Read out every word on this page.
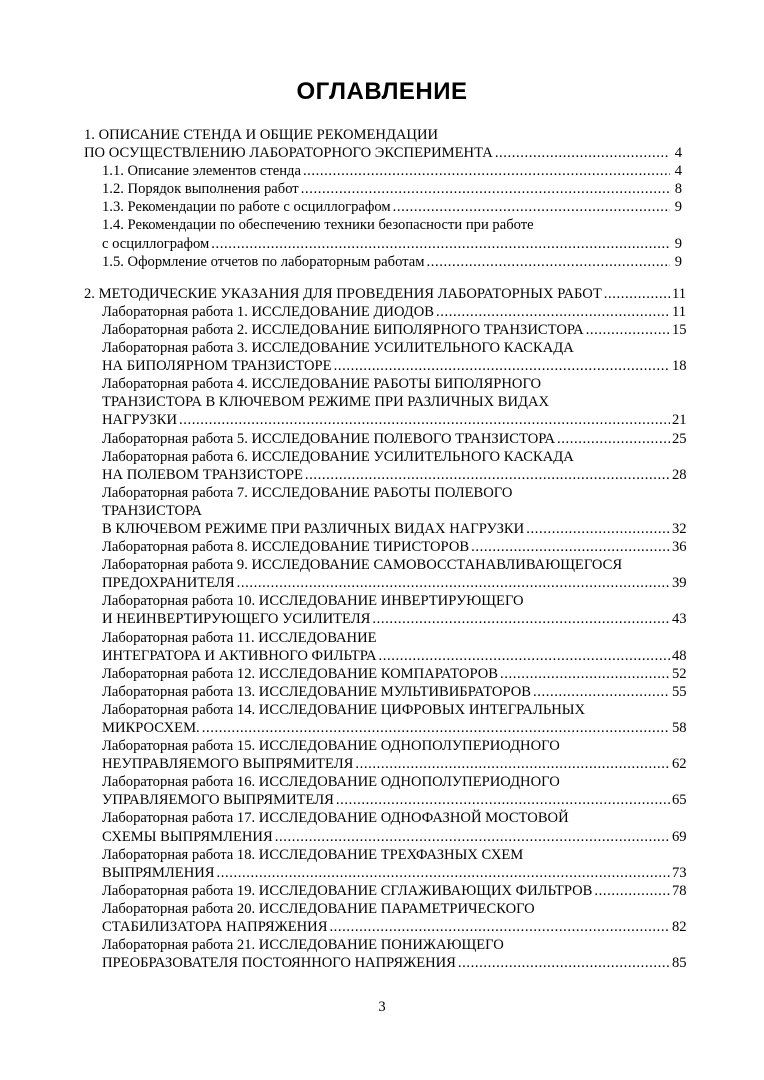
ОГЛАВЛЕНИЕ
1. ОПИСАНИЕ СТЕНДА И ОБЩИЕ РЕКОМЕНДАЦИИ
ПО ОСУЩЕСТВЛЕНИЮ ЛАБОРАТОРНОГО ЭКСПЕРИМЕНТА .....	4
1.1. Описание элементов стенда .....	4
1.2. Порядок выполнения работ .....	8
1.3. Рекомендации по работе с осциллографом .....	9
1.4. Рекомендации по обеспечению техники безопасности при работе
с осциллографом .....	9
1.5. Оформление отчетов по лабораторным работам .....	9
2. МЕТОДИЧЕСКИЕ УКАЗАНИЯ ДЛЯ ПРОВЕДЕНИЯ ЛАБОРАТОРНЫХ РАБОТ .....	11
Лабораторная работа 1. ИССЛЕДОВАНИЕ ДИОДОВ .....	11
Лабораторная работа 2. ИССЛЕДОВАНИЕ БИПОЛЯРНОГО ТРАНЗИСТОРА .....	15
Лабораторная работа 3. ИССЛЕДОВАНИЕ УСИЛИТЕЛЬНОГО КАСКАДА
НА БИПОЛЯРНОМ ТРАНЗИСТОРЕ .....	18
Лабораторная работа 4. ИССЛЕДОВАНИЕ РАБОТЫ БИПОЛЯРНОГО
ТРАНЗИСТОРА В КЛЮЧЕВОМ РЕЖИМЕ ПРИ РАЗЛИЧНЫХ ВИДАХ
НАГРУЗКИ .....	21
Лабораторная работа 5. ИССЛЕДОВАНИЕ ПОЛЕВОГО ТРАНЗИСТОРА .....	25
Лабораторная работа 6. ИССЛЕДОВАНИЕ УСИЛИТЕЛЬНОГО КАСКАДА
НА ПОЛЕВОМ ТРАНЗИСТОРЕ .....	28
Лабораторная работа 7. ИССЛЕДОВАНИЕ РАБОТЫ ПОЛЕВОГО
ТРАНЗИСТОРА
В КЛЮЧЕВОМ РЕЖИМЕ ПРИ РАЗЛИЧНЫХ ВИДАХ НАГРУЗКИ .....	32
Лабораторная работа 8. ИССЛЕДОВАНИЕ ТИРИСТОРОВ .....	36
Лабораторная работа 9. ИССЛЕДОВАНИЕ САМОВОССТАНАВЛИВАЮЩЕГОСЯ
ПРЕДОХРАНИТЕЛЯ .....	39
Лабораторная работа 10. ИССЛЕДОВАНИЕ ИНВЕРТИРУЮЩЕГО
И НЕИНВЕРТИРУЮЩЕГО УСИЛИТЕЛЯ .....	43
Лабораторная работа 11. ИССЛЕДОВАНИЕ
ИНТЕГРАТОРА И АКТИВНОГО ФИЛЬТРА .....	48
Лабораторная работа 12. ИССЛЕДОВАНИЕ КОМПАРАТОРОВ .....	52
Лабораторная работа 13. ИССЛЕДОВАНИЕ МУЛЬТИВИБРАТОРОВ .....	55
Лабораторная работа 14. ИССЛЕДОВАНИЕ ЦИФРОВЫХ ИНТЕГРАЛЬНЫХ
МИКРОСХЕМ. .....	58
Лабораторная работа 15. ИССЛЕДОВАНИЕ ОДНОПОЛУПЕРИОДНОГО
НЕУПРАВЛЯЕМОГО ВЫПРЯМИТЕЛЯ .....	62
Лабораторная работа 16. ИССЛЕДОВАНИЕ ОДНОПОЛУПЕРИОДНОГО
УПРАВЛЯЕМОГО ВЫПРЯМИТЕЛЯ .....	65
Лабораторная работа 17. ИССЛЕДОВАНИЕ ОДНОФАЗНОЙ МОСТОВОЙ
СХЕМЫ ВЫПРЯМЛЕНИЯ .....	69
Лабораторная работа 18. ИССЛЕДОВАНИЕ ТРЕХФАЗНЫХ СХЕМ
ВЫПРЯМЛЕНИЯ .....	73
Лабораторная работа 19. ИССЛЕДОВАНИЕ СГЛАЖИВАЮЩИХ ФИЛЬТРОВ .....	78
Лабораторная работа 20. ИССЛЕДОВАНИЕ ПАРАМЕТРИЧЕСКОГО
СТАБИЛИЗАТОРА НАПРЯЖЕНИЯ .....	82
Лабораторная работа 21. ИССЛЕДОВАНИЕ ПОНИЖАЮЩЕГО
ПРЕОБРАЗОВАТЕЛЯ ПОСТОЯННОГО НАПРЯЖЕНИЯ .....	85
3
